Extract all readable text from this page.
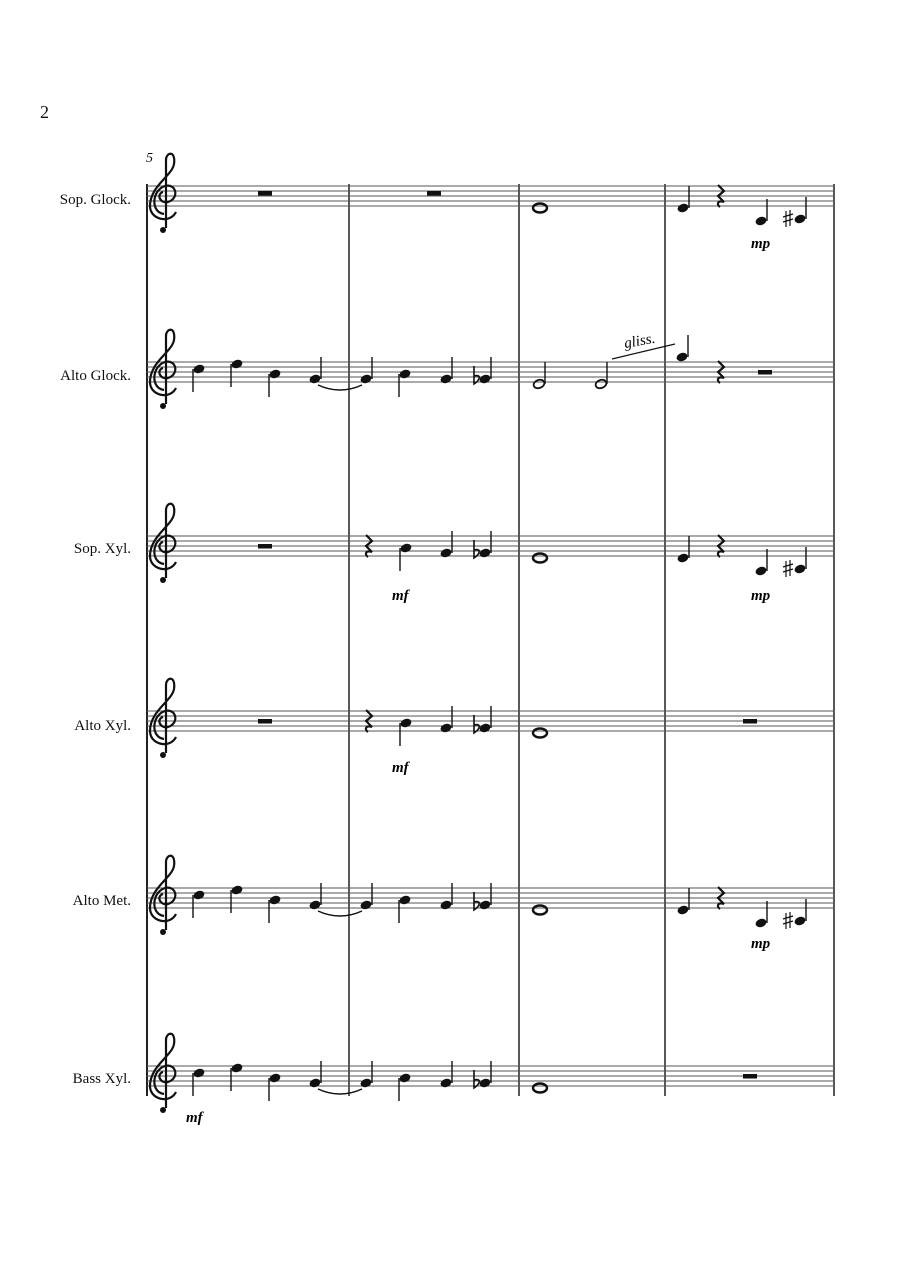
2
5
Sop. Glock.
Alto Glock.
Sop. Xyl.
Alto Xyl.
Alto Met.
Bass Xyl.
gliss.
mp
mf	mp
mf
mp
mf
